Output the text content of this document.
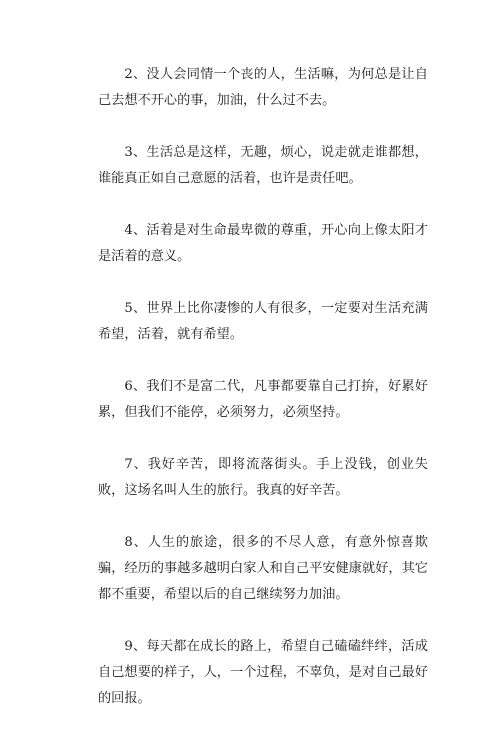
2、没人会同情一个丧的人，生活嘛，为何总是让自己去想不开心的事，加油，什么过不去。

3、生活总是这样，无趣，烦心，说走就走谁都想，谁能真正如自己意愿的活着，也许是责任吧。

4、活着是对生命最卑微的尊重，开心向上像太阳才是活着的意义。

5、世界上比你凄惨的人有很多，一定要对生活充满希望，活着，就有希望。

6、我们不是富二代，凡事都要靠自己打拚，好累好累，但我们不能停，必须努力，必须坚持。

7、我好辛苦，即将流落街头。手上没钱，创业失败，这场名叫人生的旅行。我真的好辛苦。

8、人生的旅途，很多的不尽人意，有意外惊喜欺骗，经历的事越多越明白家人和自己平安健康就好，其它都不重要，希望以后的自己继续努力加油。

9、每天都在成长的路上，希望自己磕磕绊绊，活成自己想要的样子，人，一个过程，不辜负，是对自己最好的回报。
